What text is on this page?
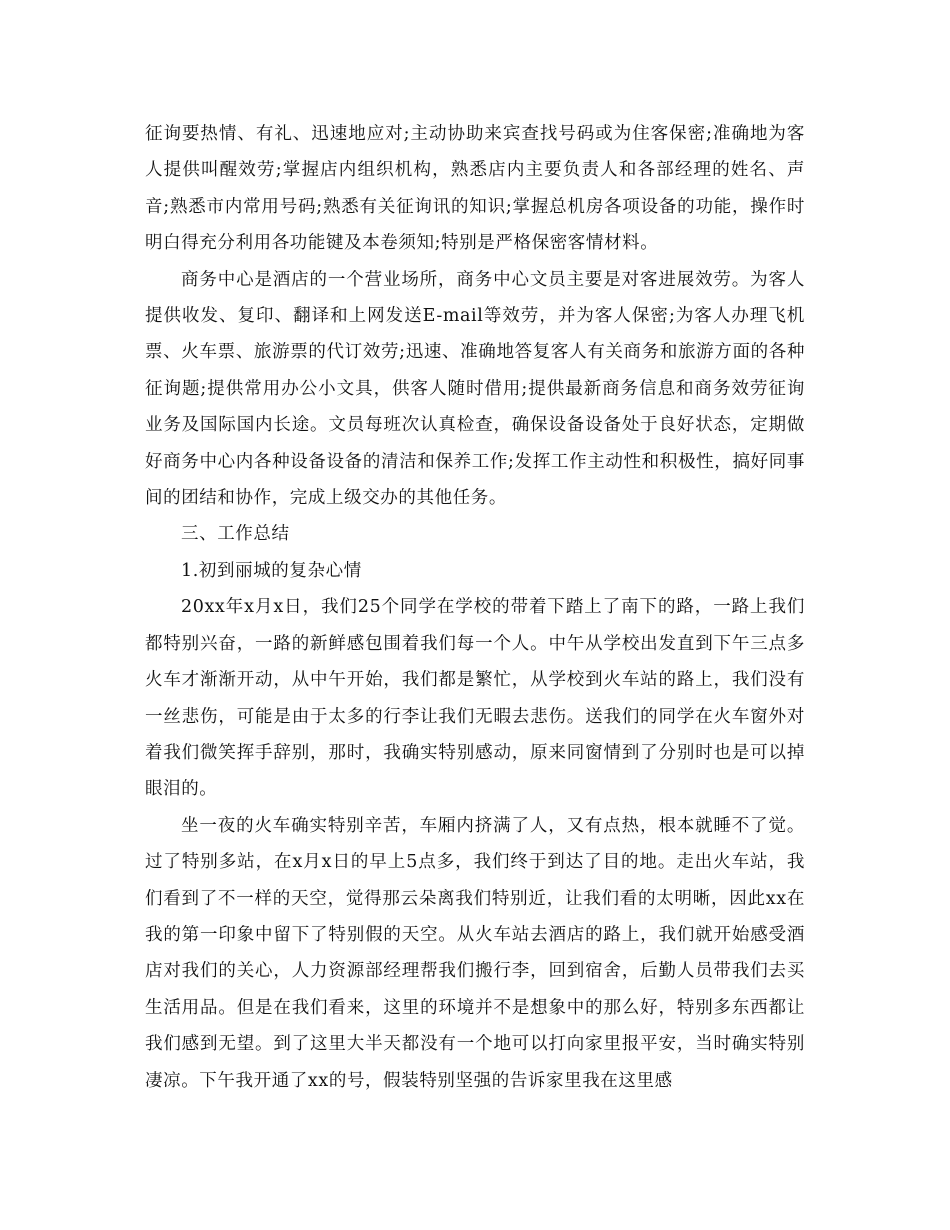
征询要热情、有礼、迅速地应对;主动协助来宾查找号码或为住客保密;准确地为客人提供叫醒效劳;掌握店内组织机构，熟悉店内主要负责人和各部经理的姓名、声音;熟悉市内常用号码;熟悉有关征询讯的知识;掌握总机房各项设备的功能，操作时明白得充分利用各功能键及本卷须知;特别是严格保密客情材料。

商务中心是酒店的一个营业场所，商务中心文员主要是对客进展效劳。为客人提供收发、复印、翻译和上网发送E-mail等效劳，并为客人保密;为客人办理飞机票、火车票、旅游票的代订效劳;迅速、准确地答复客人有关商务和旅游方面的各种征询题;提供常用办公小文具，供客人随时借用;提供最新商务信息和商务效劳征询业务及国际国内长途。文员每班次认真检查，确保设备设备处于良好状态，定期做好商务中心内各种设备设备的清洁和保养工作;发挥工作主动性和积极性，搞好同事间的团结和协作，完成上级交办的其他任务。

三、工作总结

1.初到丽城的复杂心情

20xx年x月x日，我们25个同学在学校的带着下踏上了南下的路，一路上我们都特别兴奋，一路的新鲜感包围着我们每一个人。中午从学校出发直到下午三点多火车才渐渐开动，从中午开始，我们都是繁忙，从学校到火车站的路上，我们没有一丝悲伤，可能是由于太多的行李让我们无暇去悲伤。送我们的同学在火车窗外对着我们微笑挥手辞别，那时，我确实特别感动，原来同窗情到了分别时也是可以掉眼泪的。

坐一夜的火车确实特别辛苦，车厢内挤满了人，又有点热，根本就睡不了觉。过了特别多站，在x月x日的早上5点多，我们终于到达了目的地。走出火车站，我们看到了不一样的天空，觉得那云朵离我们特别近，让我们看的太明晰，因此xx在我的第一印象中留下了特别假的天空。从火车站去酒店的路上，我们就开始感受酒店对我们的关心，人力资源部经理帮我们搬行李，回到宿舍，后勤人员带我们去买生活用品。但是在我们看来，这里的环境并不是想象中的那么好，特别多东西都让我们感到无望。到了这里大半天都没有一个地可以打向家里报平安，当时确实特别凄凉。下午我开通了xx的号，假装特别坚强的告诉家里我在这里感
